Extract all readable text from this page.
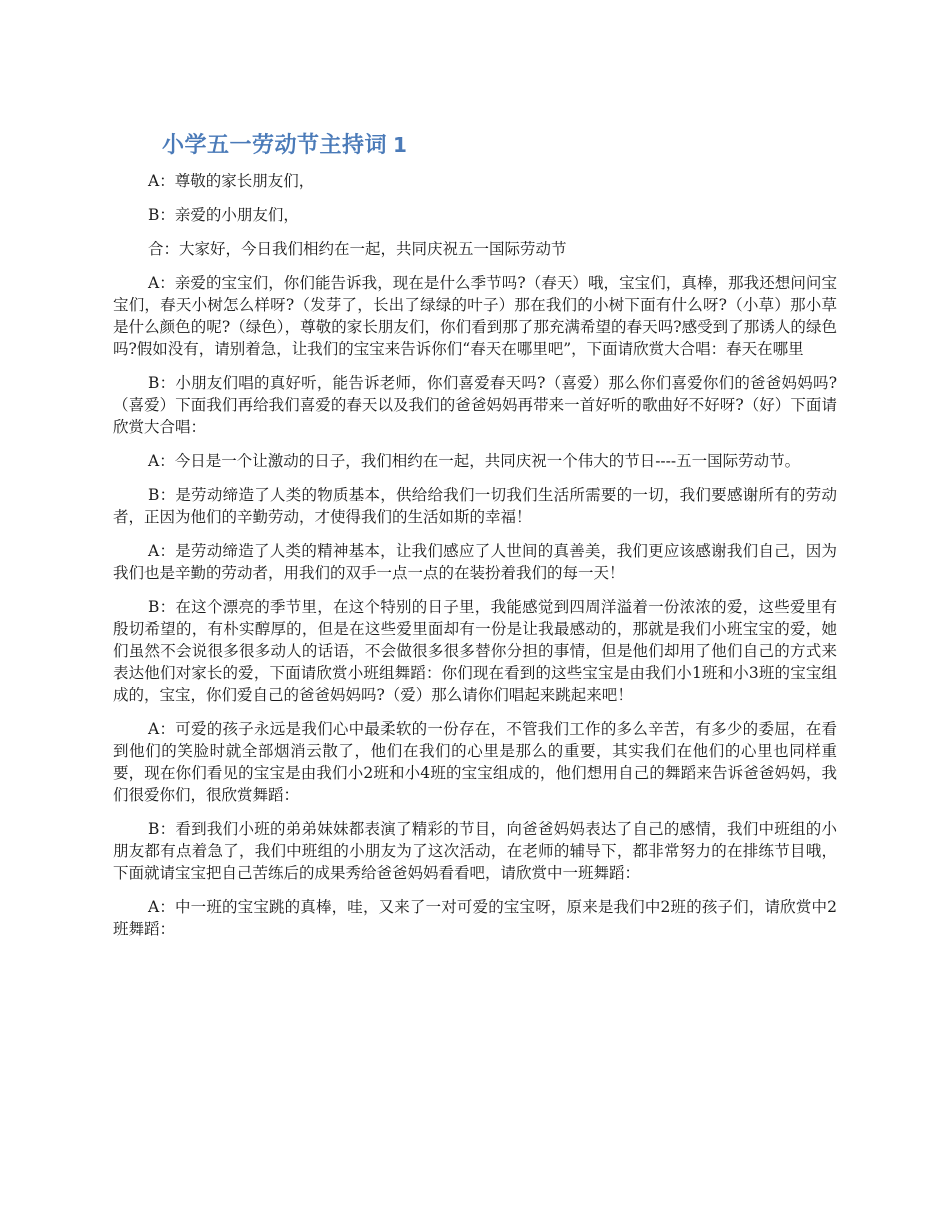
小学五一劳动节主持词 1

A：尊敬的家长朋友们，

B：亲爱的小朋友们，

合：大家好，今日我们相约在一起，共同庆祝五一国际劳动节

A：亲爱的宝宝们，你们能告诉我，现在是什么季节吗?（春天）哦，宝宝们，真棒，那我还想问问宝宝们，春天小树怎么样呀?（发芽了，长出了绿绿的叶子）那在我们的小树下面有什么呀?（小草）那小草是什么颜色的呢?（绿色），尊敬的家长朋友们，你们看到那了那充满希望的春天吗?感受到了那诱人的绿色吗?假如没有，请别着急，让我们的宝宝来告诉你们“春天在哪里吧”，下面请欣赏大合唱：春天在哪里

B：小朋友们唱的真好听，能告诉老师，你们喜爱春天吗?（喜爱）那么你们喜爱你们的爸爸妈妈吗?（喜爱）下面我们再给我们喜爱的春天以及我们的爸爸妈妈再带来一首好听的歌曲好不好呀?（好）下面请欣赏大合唱：

A：今日是一个让激动的日子，我们相约在一起，共同庆祝一个伟大的节日----五一国际劳动节。

B：是劳动缔造了人类的物质基本，供给给我们一切我们生活所需要的一切，我们要感谢所有的劳动者，正因为他们的辛勤劳动，才使得我们的生活如斯的幸福！

A：是劳动缔造了人类的精神基本，让我们感应了人世间的真善美，我们更应该感谢我们自己，因为我们也是辛勤的劳动者，用我们的双手一点一点的在装扮着我们的每一天！

B：在这个漂亮的季节里，在这个特别的日子里，我能感觉到四周洋溢着一份浓浓的爱，这些爱里有殷切希望的，有朴实醇厚的，但是在这些爱里面却有一份是让我最感动的，那就是我们小班宝宝的爱，她们虽然不会说很多很多动人的话语，不会做很多很多替你分担的事情，但是他们却用了他们自己的方式来表达他们对家长的爱，下面请欣赏小班组舞蹈：你们现在看到的这些宝宝是由我们小1班和小3班的宝宝组成的，宝宝，你们爱自己的爸爸妈妈吗?（爱）那么请你们唱起来跳起来吧！

A：可爱的孩子永远是我们心中最柔软的一份存在，不管我们工作的多么辛苦，有多少的委屈，在看到他们的笑脸时就全部烟消云散了，他们在我们的心里是那么的重要，其实我们在他们的心里也同样重要，现在你们看见的宝宝是由我们小2班和小4班的宝宝组成的，他们想用自己的舞蹈来告诉爸爸妈妈，我们很爱你们，很欣赏舞蹈：

B：看到我们小班的弟弟妹妹都表演了精彩的节目，向爸爸妈妈表达了自己的感情，我们中班组的小朋友都有点着急了，我们中班组的小朋友为了这次活动，在老师的辅导下，都非常努力的在排练节目哦，下面就请宝宝把自己苦练后的成果秀给爸爸妈妈看看吧，请欣赏中一班舞蹈：

A：中一班的宝宝跳的真棒，哇，又来了一对可爱的宝宝呀，原来是我们中2班的孩子们，请欣赏中2班舞蹈：
